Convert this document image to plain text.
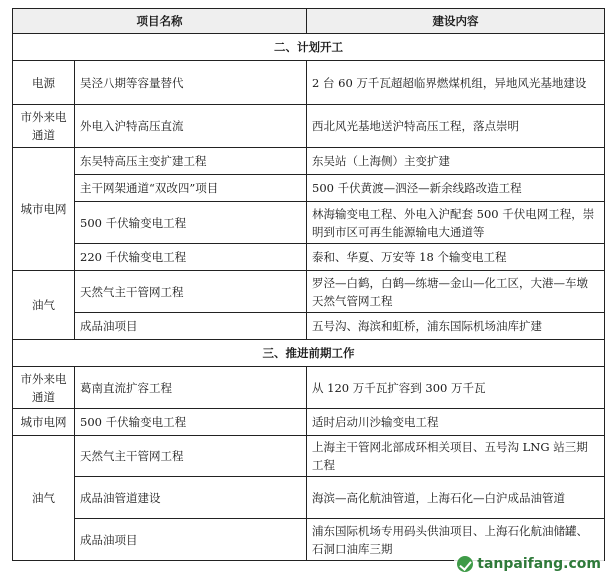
项目名称		建设内容
二、计划开工		
电源	吴泾八期等容量替代	2 台 60 万千瓦超超临界燃煤机组，异地风光基地建设
市外来电通道	外电入沪特高压直流	西北风光基地送沪特高压工程，落点崇明
城市电网	东吴特高压主变扩建工程	东吴站（上海侧）主变扩建
	主干网架通道“双改四”项目	500 千伏黄渡—泗泾—新余线路改造工程
	500 千伏输变电工程	林海输变电工程、外电入沪配套 500 千伏电网工程，崇明到市区可再生能源输电大通道等
	220 千伏输变电工程	泰和、华夏、万安等 18 个输变电工程
油气	天然气主干管网工程	罗泾—白鹤，白鹤—练塘—金山—化工区，大港—车墩天然气管网工程
	成品油项目	五号沟、海滨和虹桥，浦东国际机场油库扩建
三、推进前期工作		
市外来电通道	葛南直流扩容工程	从 120 万千瓦扩容到 300 万千瓦
城市电网	500 千伏输变电工程	适时启动川沙输变电工程
油气	天然气主干管网工程	上海主干管网北部成环相关项目、五号沟 LNG 站三期工程
	成品油管道建设	海滨—高化航油管道，上海石化—白沪成品油管道
	成品油项目	浦东国际机场专用码头供油项目、上海石化航油储罐、石洞口油库三期
tanpaifang.com
